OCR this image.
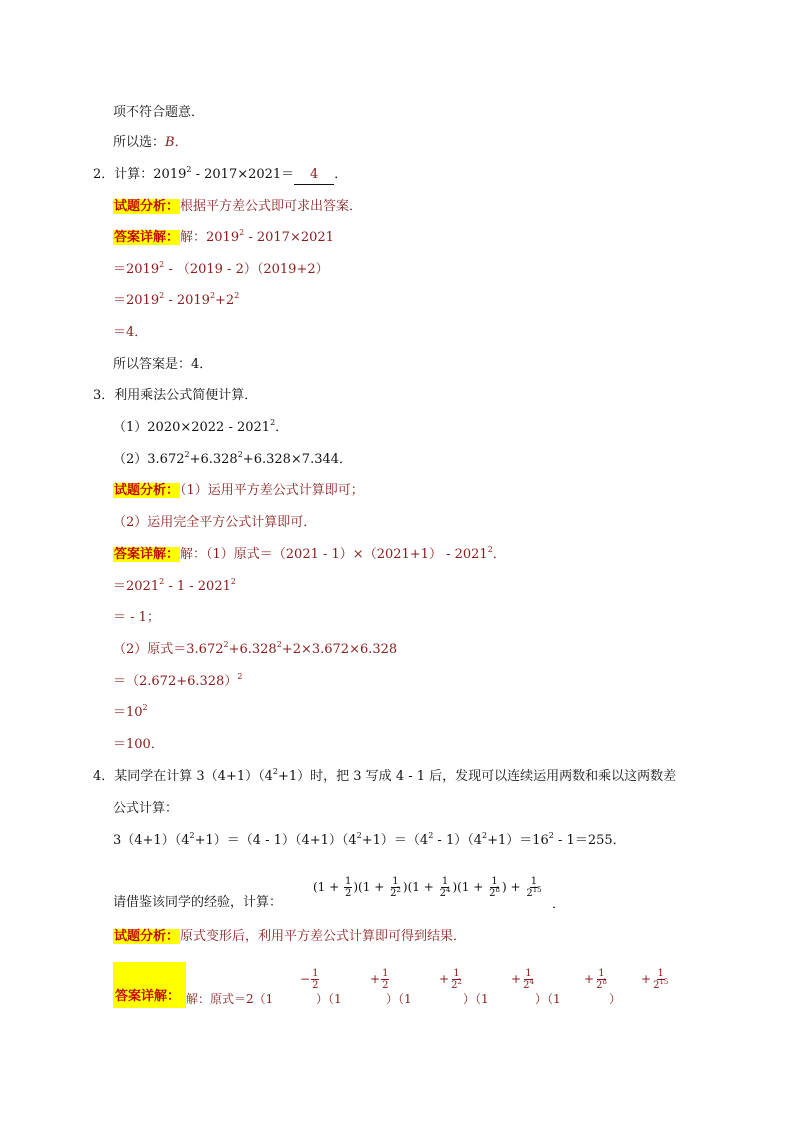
项不符合题意．
所以选：B．
2．计算：2019$^2$ - 2017×2021＝ 4 ．
试题分析：根据平方差公式即可求出答案．
答案详解：解：2019$^2$ - 2017×2021
$=2019^2 - (2019 - 2)(2019+2)$
$=2019^2 - 2019^2+2^2$
＝4．
所以答案是：4．
3．利用乘法公式简便计算．
（1）2020×2022 - 2021$^2$．
$(2)3.672^2+6.328^2+6.328\times 7.344$．
试题分析：（1）运用平方差公式计算即可；
（2）运用完全平方公式计算即可．
答案详解：解：（1）原式＝（2021 - 1）×（2021+1） - 2021$^2$．
$=2021^2 - 1 - 2021^2$
＝ - 1；
（2）原式$=3.672^2+6.328^2+2\times 3.672\times 6.328$
$=(2.672+6.328)^2$
$=10^2$
＝100．
4．某同学在计算 $3(4+1)(4^2+1)$时，把 3 写成 4 - 1 后，发现可以连续运用两数和乘以这两数差
公式计算：
$3(4+1)(4^2+1)=(4 - 1)(4+1)(4^2+1)=(4^2 - 1)(4^2+1)=16^2 - 1=255$．
请借鉴该同学的经验，计算：
$(1 + \frac{1}{2} )(1 + \frac{1}{2^2} )(1 + \frac{1}{2^4} )(1 + \frac{1}{2^8}$ ) + $\frac{1}{2^{15}}$
．
试题分析：原式变形后，利用平方差公式计算即可得到结果．
答案详解： 解：原式＝2（1
− $\frac{1}{2}$
）（1
+ $\frac{1}{2}$
）（1
+ $\frac{1}{2^2}$
）（1
+ $\frac{1}{2^4}$
）（1
+ $\frac{1}{2^8}$
）
+ $\frac{1}{2^{15}}$
